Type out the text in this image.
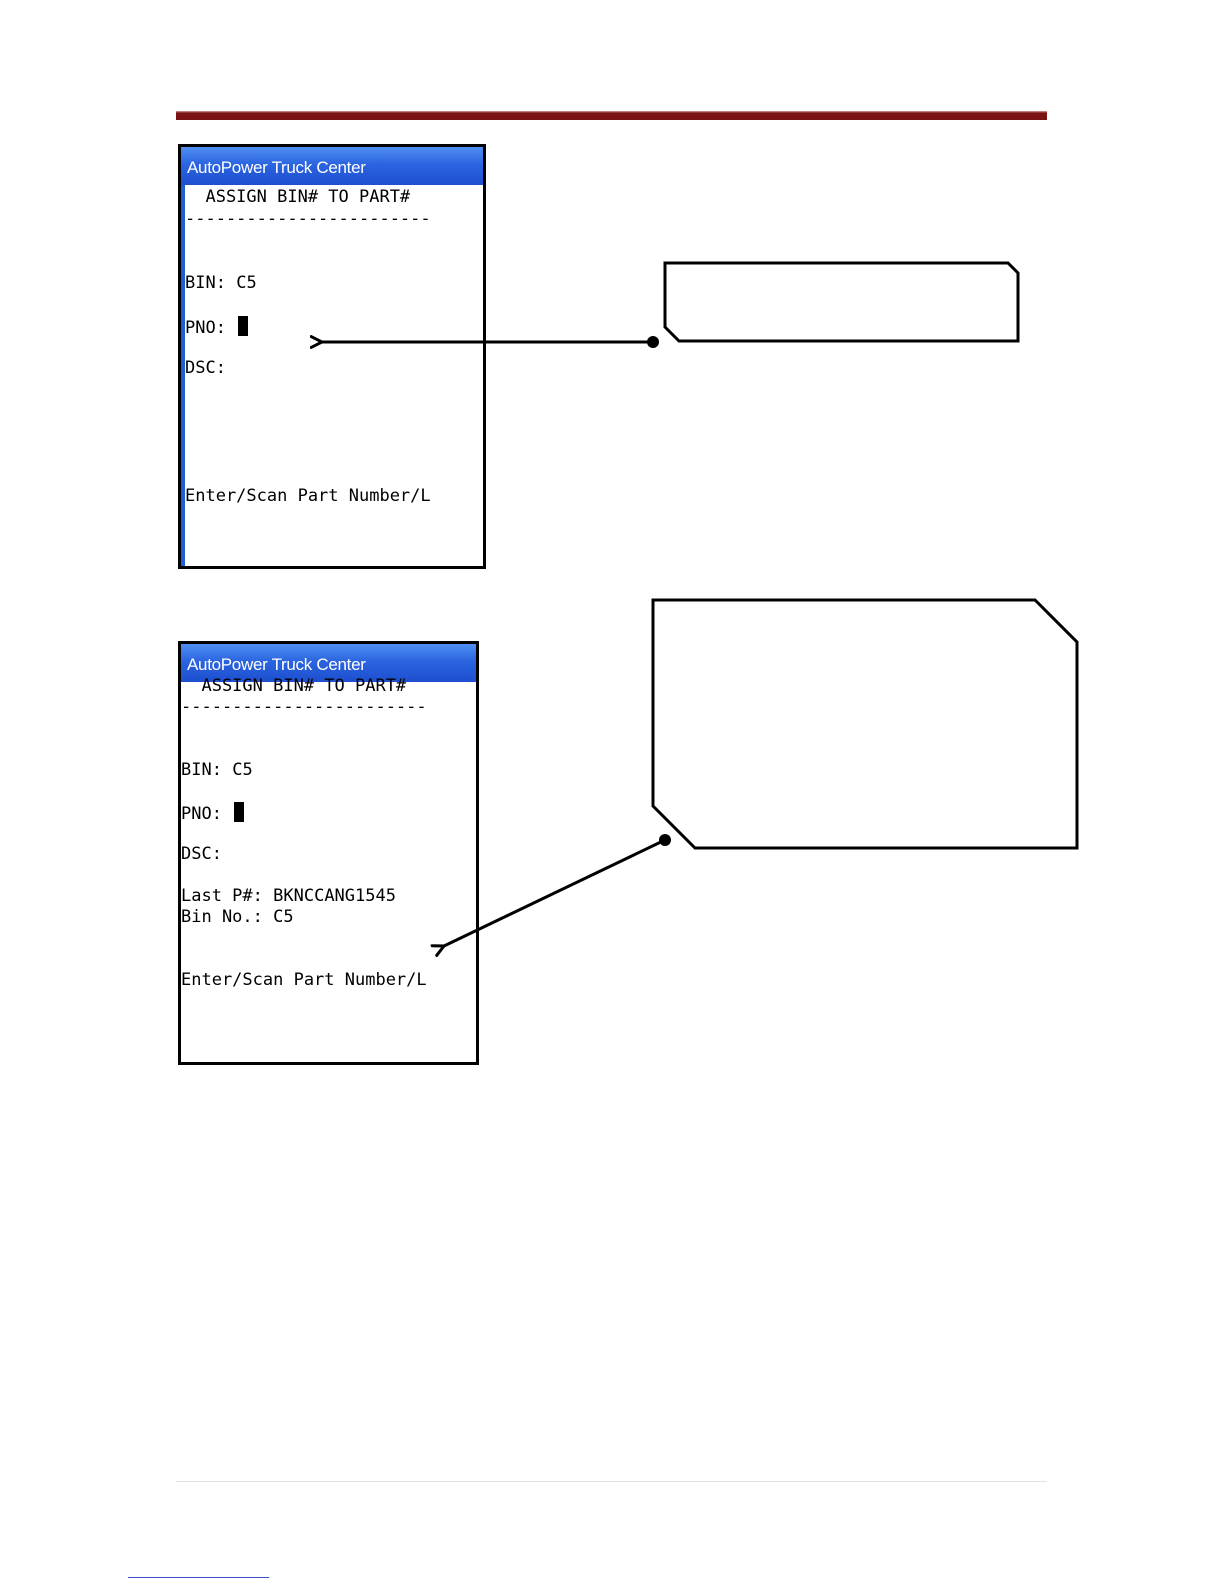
AutoPower Truck Center
ASSIGN BIN# TO PART#
------------------------
BIN: C5
PNO:
DSC:
Enter/Scan Part Number/L
AutoPower Truck Center
ASSIGN BIN# TO PART#
------------------------
BIN: C5
PNO:
DSC:
Last P#: BKNCCANG1545
Bin No.: C5
Enter/Scan Part Number/L
